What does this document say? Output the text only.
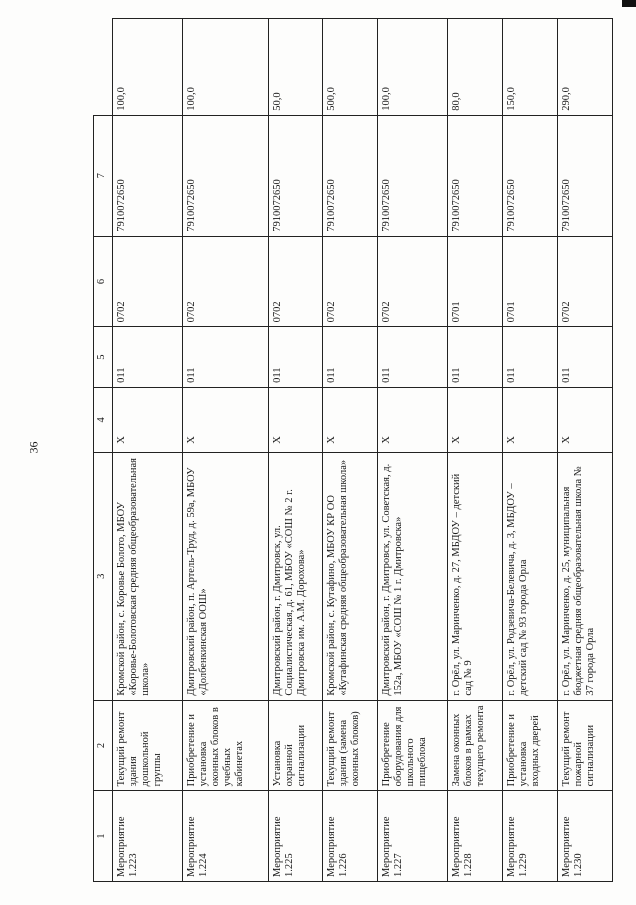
36
1	2	3	4	5	6	7	
Мероприятие 1.223	Текущий ремонт здания дошкольной группы	Кромской район, с. Коровье Болото, МБОУ «Коровье-Болотовская средняя общеобразовательная школа»	Х	011	0702	7910072650	100,0
Мероприятие 1.224	Приобретение и установка оконных блоков в учебных кабинетах	Дмитровский район, п. Артель-Труд, д. 59а, МБОУ «Долбенкинская ООШ»	Х	011	0702	7910072650	100,0
Мероприятие 1.225	Установка охранной сигнализации	Дмитровский район, г. Дмитровск, ул. Социалистическая, д. 61, МБОУ «СОШ № 2 г. Дмитровска им. А.М. Дорохова»	Х	011	0702	7910072650	50,0
Мероприятие 1.226	Текущий ремонт здания (замена оконных блоков)	Кромской район, с. Кутафино, МБОУ КР ОО «Кутафинская средняя общеобразовательная школа»	Х	011	0702	7910072650	500,0
Мероприятие 1.227	Приобретение оборудования для школьного пищеблока	Дмитровский район, г. Дмитровск, ул. Советская, д. 152а, МБОУ «СОШ № 1 г. Дмитровска»	Х	011	0702	7910072650	100,0
Мероприятие 1.228	Замена оконных блоков в рамках текущего ремонта	г. Орёл, ул. Маринченко, д. 27, МБДОУ – детский сад № 9	Х	011	0701	7910072650	80,0
Мероприятие 1.229	Приобретение и установка входных дверей	г. Орёл, ул. Родзевича-Белевича, д. 3, МБДОУ – детский сад № 93 города Орла	Х	011	0701	7910072650	150,0
Мероприятие 1.230	Текущий ремонт пожарной сигнализации	г. Орёл, ул. Маринченко, д. 25, муниципальная бюджетная средняя общеобразовательная школа № 37 города Орла	Х	011	0702	7910072650	290,0
